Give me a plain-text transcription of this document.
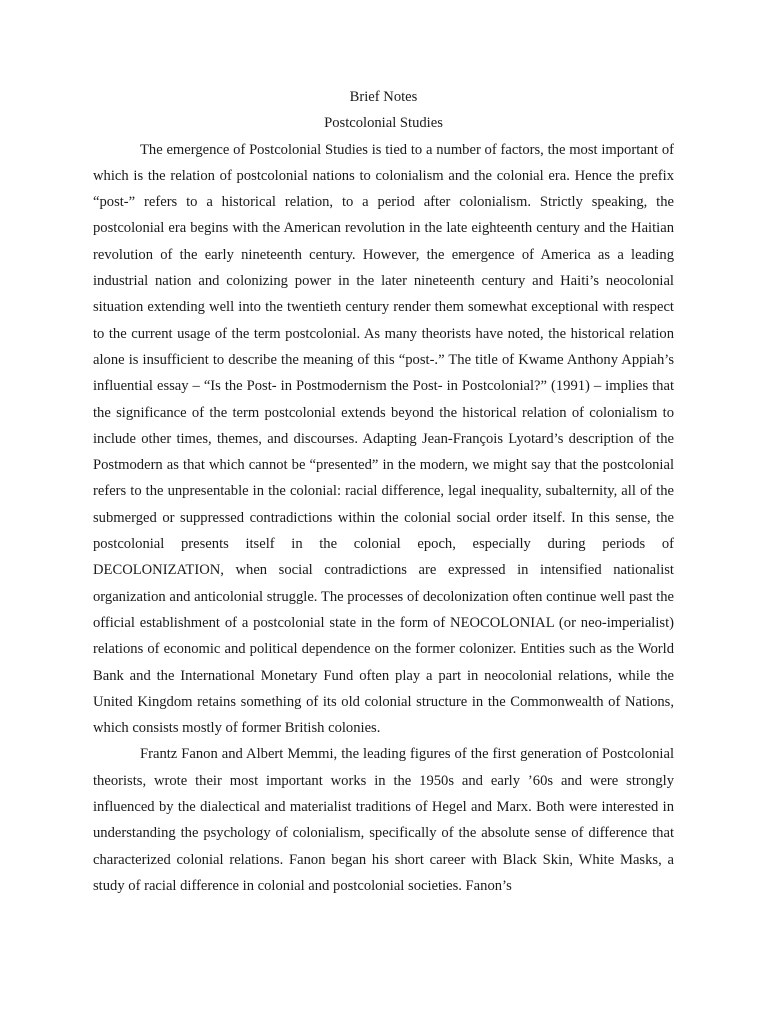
Brief Notes

Postcolonial Studies

The emergence of Postcolonial Studies is tied to a number of factors, the most important of which is the relation of postcolonial nations to colonialism and the colonial era. Hence the prefix “post-” refers to a historical relation, to a period after colonialism. Strictly speaking, the postcolonial era begins with the American revolution in the late eighteenth century and the Haitian revolution of the early nineteenth century. However, the emergence of America as a leading industrial nation and colonizing power in the later nineteenth century and Haiti’s neocolonial situation extending well into the twentieth century render them somewhat exceptional with respect to the current usage of the term postcolonial. As many theorists have noted, the historical relation alone is insufficient to describe the meaning of this “post-.” The title of Kwame Anthony Appiah’s influential essay – “Is the Post- in Postmodernism the Post- in Postcolonial?” (1991) – implies that the significance of the term postcolonial extends beyond the historical relation of colonialism to include other times, themes, and discourses. Adapting Jean-François Lyotard’s description of the Postmodern as that which cannot be “presented” in the modern, we might say that the postcolonial refers to the unpresentable in the colonial: racial difference, legal inequality, subalternity, all of the submerged or suppressed contradictions within the colonial social order itself. In this sense, the postcolonial presents itself in the colonial epoch, especially during periods of DECOLONIZATION, when social contradictions are expressed in intensified nationalist organization and anticolonial struggle. The processes of decolonization often continue well past the official establishment of a postcolonial state in the form of NEOCOLONIAL (or neo-imperialist) relations of economic and political dependence on the former colonizer. Entities such as the World Bank and the International Monetary Fund often play a part in neocolonial relations, while the United Kingdom retains something of its old colonial structure in the Commonwealth of Nations, which consists mostly of former British colonies.

Frantz Fanon and Albert Memmi, the leading figures of the first generation of Postcolonial theorists, wrote their most important works in the 1950s and early ’60s and were strongly influenced by the dialectical and materialist traditions of Hegel and Marx. Both were interested in understanding the psychology of colonialism, specifically of the absolute sense of difference that characterized colonial relations. Fanon began his short career with Black Skin, White Masks, a study of racial difference in colonial and postcolonial societies. Fanon’s
